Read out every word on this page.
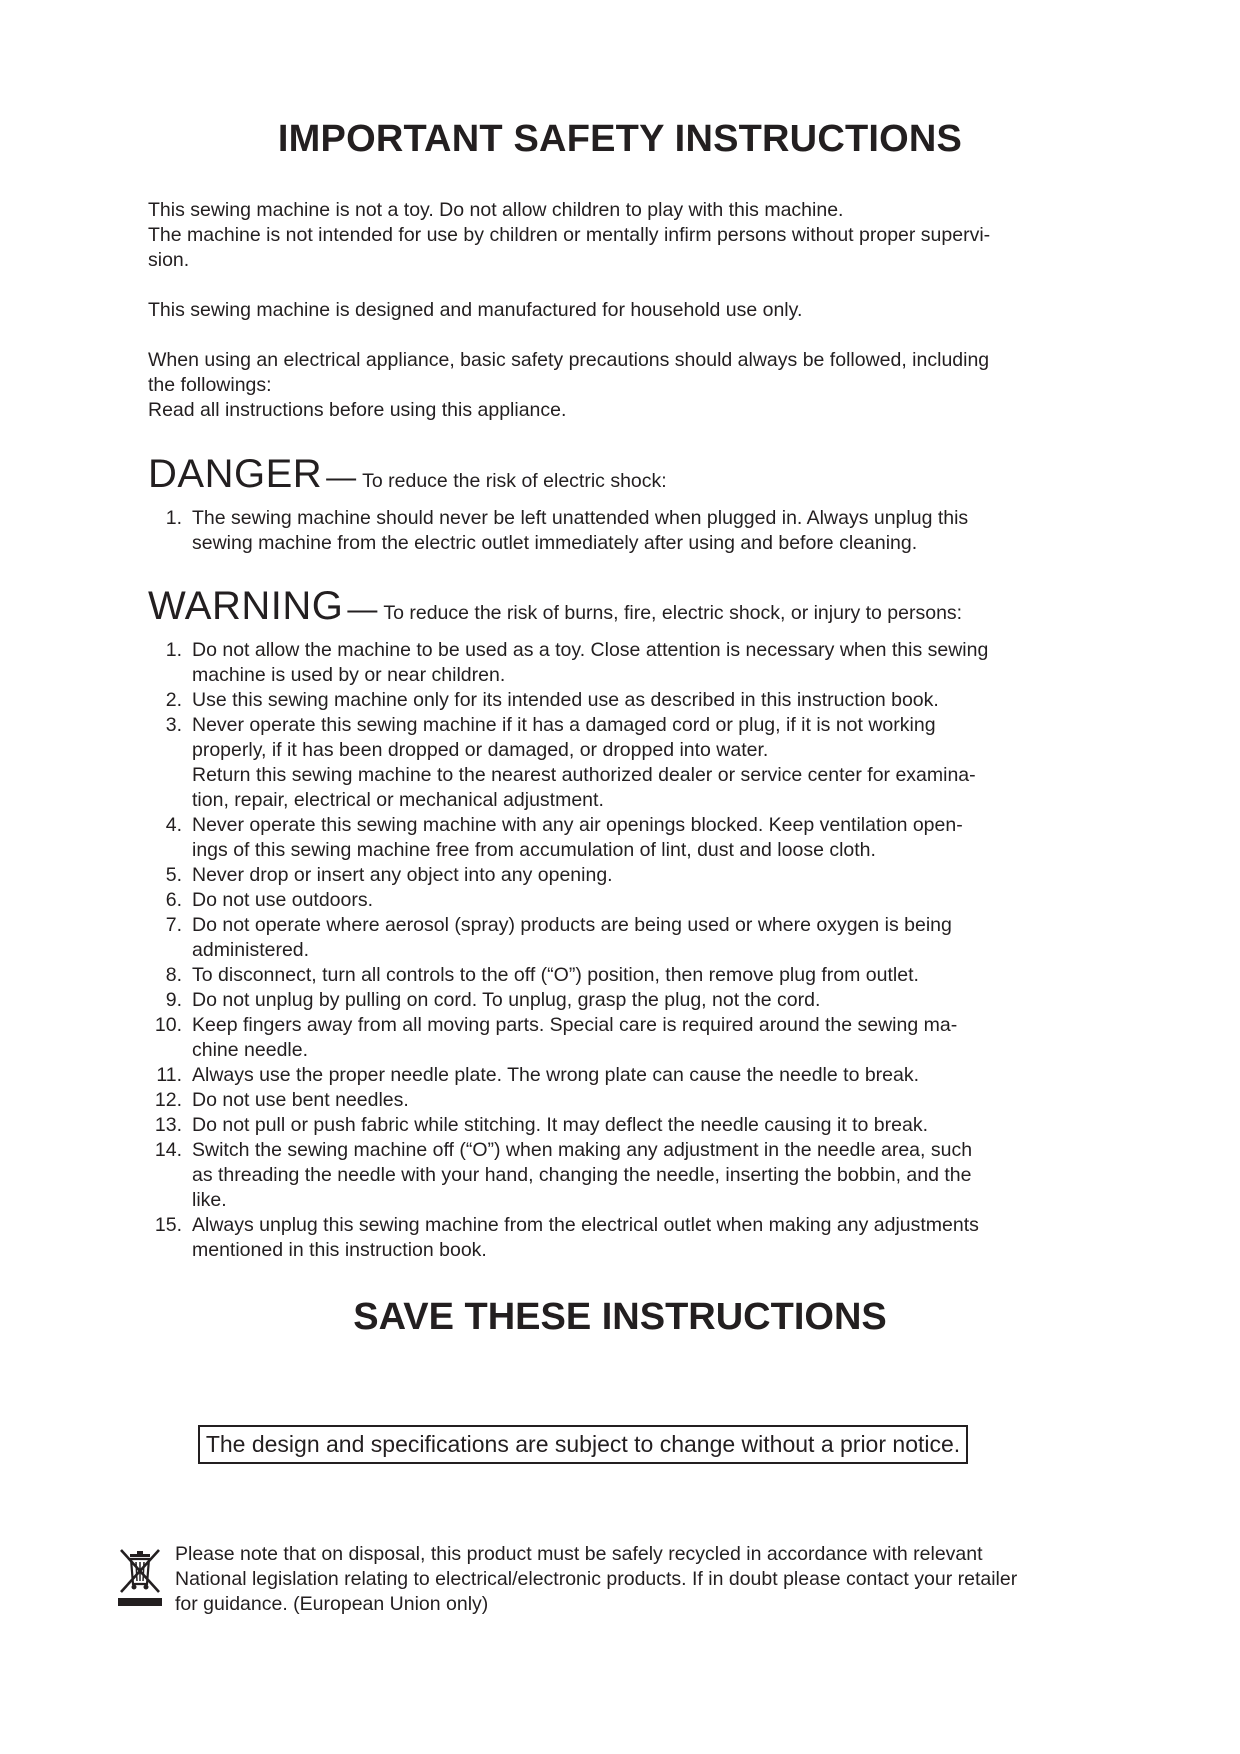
IMPORTANT SAFETY INSTRUCTIONS

This sewing machine is not a toy. Do not allow children to play with this machine.
The machine is not intended for use by children or mentally infirm persons without proper supervi-
sion.

This sewing machine is designed and manufactured for household use only.

When using an electrical appliance, basic safety precautions should always be followed, including
the followings:
Read all instructions before using this appliance.

DANGER — To reduce the risk of electric shock:
1. The sewing machine should never be left unattended when plugged in. Always unplug this
sewing machine from the electric outlet immediately after using and before cleaning.
WARNING — To reduce the risk of burns, fire, electric shock, or injury to persons:
1. Do not allow the machine to be used as a toy. Close attention is necessary when this sewing
machine is used by or near children.
2. Use this sewing machine only for its intended use as described in this instruction book.
3. Never operate this sewing machine if it has a damaged cord or plug, if it is not working
properly, if it has been dropped or damaged, or dropped into water.
Return this sewing machine to the nearest authorized dealer or service center for examina-
tion, repair, electrical or mechanical adjustment.
4. Never operate this sewing machine with any air openings blocked. Keep ventilation open-
ings of this sewing machine free from accumulation of lint, dust and loose cloth.
5. Never drop or insert any object into any opening.
6. Do not use outdoors.
7. Do not operate where aerosol (spray) products are being used or where oxygen is being
administered.
8. To disconnect, turn all controls to the off (“O”) position, then remove plug from outlet.
9. Do not unplug by pulling on cord. To unplug, grasp the plug, not the cord.
10. Keep fingers away from all moving parts. Special care is required around the sewing ma-
chine needle.
11. Always use the proper needle plate. The wrong plate can cause the needle to break.
12. Do not use bent needles.
13. Do not pull or push fabric while stitching. It may deflect the needle causing it to break.
14. Switch the sewing machine off (“O”) when making any adjustment in the needle area, such
as threading the needle with your hand, changing the needle, inserting the bobbin, and the
like.
15. Always unplug this sewing machine from the electrical outlet when making any adjustments
mentioned in this instruction book.
SAVE THESE INSTRUCTIONS
The design and specifications are subject to change without a prior notice.

Please note that on disposal, this product must be safely recycled in accordance with relevant
National legislation relating to electrical/electronic products. If in doubt please contact your retailer
for guidance. (European Union only)
